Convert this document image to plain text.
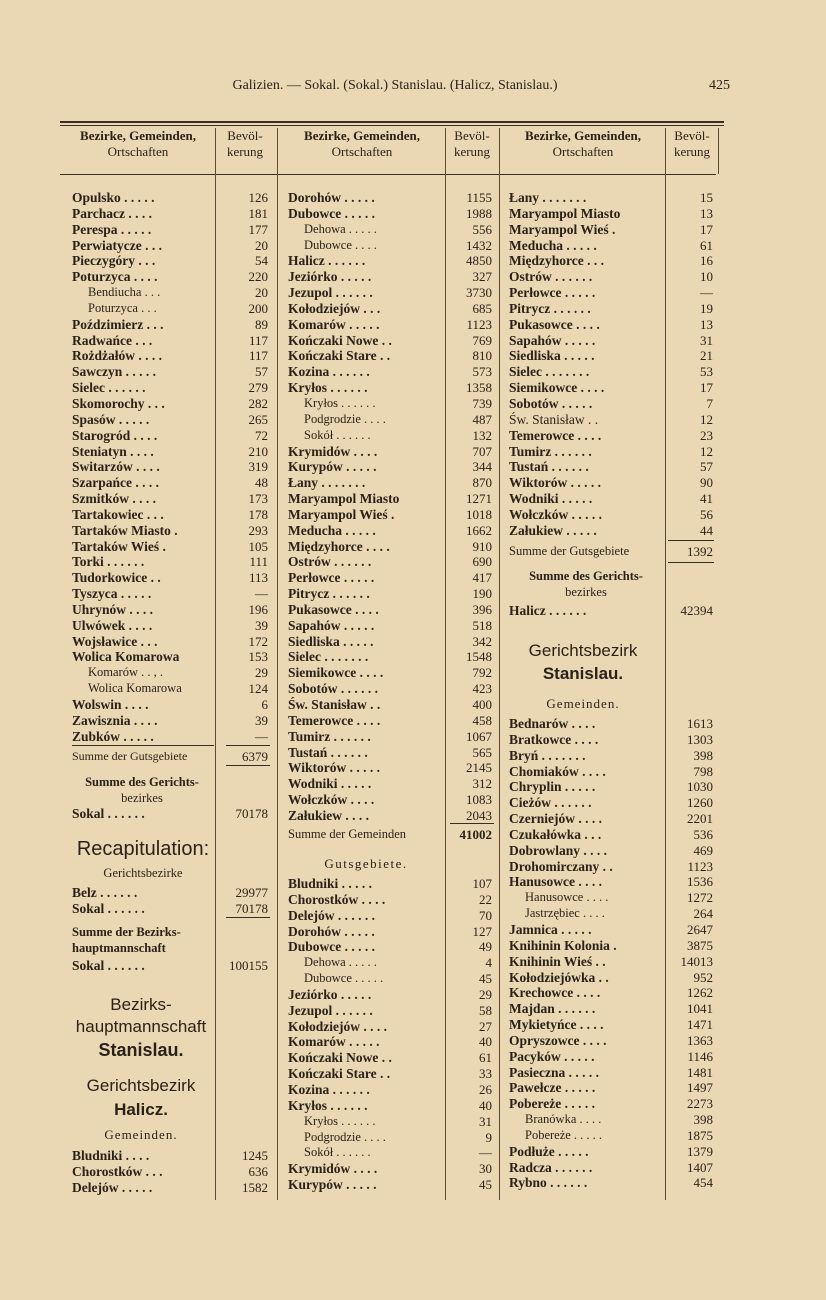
Galizien. — Sokal. (Sokal.) Stanislau. (Halicz, Stanislau.)	425
Bezirke, Gemeinden,
Ortschaften
Bevöl-
kerung
Bezirke, Gemeinden,
Ortschaften
Bevöl-
kerung
Bezirke, Gemeinden,
Ortschaften
Bevöl-
kerung
Opulsko . . . . .	126
Parchacz . . . .	181
Perespa . . . . .	177
Perwiatycze . . .	20
Pieczygóry . . .	54
Poturzyca . . . .	220
Bendiucha . . .	20
Poturzyca . . .	200
Poździmierz . . .	89
Radwańce . . .	117
Rożdżałów . . . .	117
Sawczyn . . . . .	57
Sielec . . . . . .	279
Skomorochy . . .	282
Spasów . . . . .	265
Starogród . . . .	72
Steniatyn . . . .	210
Switarzów . . . .	319
Szarpańce . . . .	48
Szmitków . . . .	173
Tartakowiec . . .	178
Tartaków Miasto .	293
Tartaków Wieś .	105
Torki . . . . . .	111
Tudorkowice . .	113
Tyszyca . . . . .	—
Uhrynów . . . .	196
Ulwówek . . . .	39
Wojsławice . . .	172
Wolica Komarowa	153
Komarów . . , .	29
Wolica Komarowa	124
Wolswin . . . .	6
Zawisznia . . . .	39
Zubków . . . . .	—
Summe der Gutsgebiete	6379
Summe des Gerichts-
bezirkes
Sokal . . . . . .	70178
Recapitulation:
Gerichtsbezirke
Belz . . . . . .	29977
Sokal . . . . . .	70178
Summe der Bezirks-
hauptmannschaft
Sokal . . . . . .	100155
Bezirks-
hauptmannschaft
Stanislau.
Gerichtsbezirk
Halicz.
Gemeinden.
Bludniki . . . .	1245
Chorostków . . .	636
Delejów . . . . .	1582
Dorohów . . . . .	1155
Dubowce . . . . .	1988
Dehowa . . . . .	556
Dubowce . . . .	1432
Halicz . . . . . .	4850
Jeziórko . . . . .	327
Jezupol . . . . . .	3730
Kołodziejów . . .	685
Komarów . . . . .	1123
Kończaki Nowe . .	769
Kończaki Stare . .	810
Kozina . . . . . .	573
Kryłos . . . . . .	1358
Kryłos . . . . . .	739
Podgrodzie . . . .	487
Sokół . . . . . .	132
Krymidów . . . .	707
Kurypów . . . . .	344
Łany . . . . . . .	870
Maryampol Miasto	1271
Maryampol Wieś .	1018
Meducha . . . . .	1662
Międzyhorce . . . .	910
Ostrów . . . . . .	690
Perłowce . . . . .	417
Pitrycz . . . . . .	190
Pukasowce . . . .	396
Sapahów . . . . .	518
Siedliska . . . . .	342
Sielec . . . . . . .	1548
Siemikowce . . . .	792
Sobotów . . . . . .	423
Św. Stanisław . .	400
Temerowce . . . .	458
Tumirz . . . . . .	1067
Tustań . . . . . .	565
Wiktorów . . . . .	2145
Wodniki . . . . .	312
Wołczków . . . .	1083
Załukiew . . . .	2043
Summe der Gemeinden	41002
Gutsgebiete.
Bludniki . . . . .	107
Chorostków . . . .	22
Delejów . . . . . .	70
Dorohów . . . . .	127
Dubowce . . . . .	49
Dehowa . . . . .	4
Dubowce . . . . .	45
Jeziórko . . . . .	29
Jezupol . . . . . .	58
Kołodziejów . . . .	27
Komarów . . . . .	40
Kończaki Nowe . .	61
Kończaki Stare . .	33
Kozina . . . . . .	26
Kryłos . . . . . .	40
Kryłos . . . . . .	31
Podgrodzie . . . .	9
Sokół . . . . . .	—
Krymidów . . . .	30
Kurypów . . . . .	45
Łany . . . . . . .	15
Maryampol Miasto	13
Maryampol Wieś .	17
Meducha . . . . .	61
Międzyhorce . . .	16
Ostrów . . . . . .	10
Perłowce . . . . .	—
Pitrycz . . . . . .	19
Pukasowce . . . .	13
Sapahów . . . . .	31
Siedliska . . . . .	21
Sielec . . . . . . .	53
Siemikowce . . . .	17
Sobotów . . . . .	7
Św. Stanisław . .	12
Temerowce . . . .	23
Tumirz . . . . . .	12
Tustań . . . . . .	57
Wiktorów . . . . .	90
Wodniki . . . . .	41
Wołczków . . . . .	56
Załukiew . . . . .	44
Summe der Gutsgebiete	1392
Summe des Gerichts-
bezirkes
Halicz . . . . . .	42394
Gerichtsbezirk
Stanislau.
Gemeinden.
Bednarów . . . .	1613
Bratkowce . . . .	1303
Bryń . . . . . . .	398
Chomiaków . . . .	798
Chryplin . . . . .	1030
Cieżów . . . . . .	1260
Czerniejów . . . .	2201
Czukałówka . . .	536
Dobrowlany . . . .	469
Drohomirczany . .	1123
Hanusowce . . . .	1536
Hanusowce . . . .	1272
Jastrzębiec . . . .	264
Jamnica . . . . .	2647
Knihinin Kolonia .	3875
Knihinin Wieś . .	14013
Kołodziejówka . .	952
Krechowce . . . .	1262
Majdan . . . . . .	1041
Mykietyńce . . . .	1471
Opryszowce . . . .	1363
Pacyków . . . . .	1146
Pasieczna . . . . .	1481
Pawełcze . . . . .	1497
Pobereże . . . . .	2273
Branówka . . . .	398
Pobereże . . . . .	1875
Podłuże . . . . .	1379
Radcza . . . . . .	1407
Rybno . . . . . .	454
